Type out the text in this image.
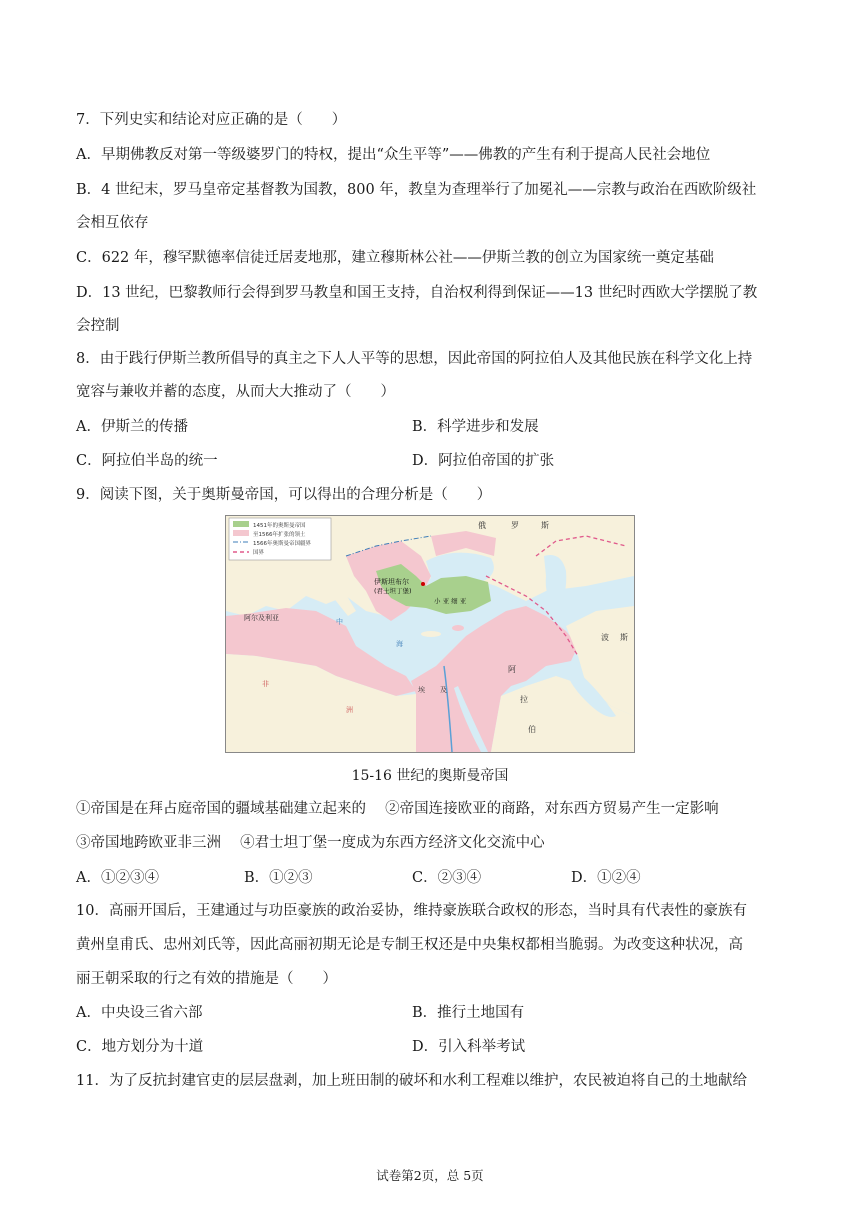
7．下列史实和结论对应正确的是（　　）
A．早期佛教反对第一等级婆罗门的特权，提出“众生平等”——佛教的产生有利于提高人民社会地位
B．4 世纪末，罗马皇帝定基督教为国教，800 年，教皇为查理举行了加冕礼——宗教与政治在西欧阶级社
会相互依存
C．622 年，穆罕默德率信徒迁居麦地那，建立穆斯林公社——伊斯兰教的创立为国家统一奠定基础
D．13 世纪，巴黎教师行会得到罗马教皇和国王支持，自治权利得到保证——13 世纪时西欧大学摆脱了教
会控制
8．由于践行伊斯兰教所倡导的真主之下人人平等的思想，因此帝国的阿拉伯人及其他民族在科学文化上持
宽容与兼收并蓄的态度，从而大大推动了（　　）
A．伊斯兰的传播	B．科学进步和发展
C．阿拉伯半岛的统一	D．阿拉伯帝国的扩张
9．阅读下图，关于奥斯曼帝国，可以得出的合理分析是（　　）
1451年的奥斯曼帝国
至1566年扩张的领土
1566年奥斯曼帝国疆界
国界
俄	罗	斯
伊斯坦布尔
(君士坦丁堡)
小 亚 细 亚
阿尔及利亚
波 斯
阿
拉
伯
埃 及
中
海
非
洲
15-16 世纪的奥斯曼帝国
①帝国是在拜占庭帝国的疆域基础建立起来的　 ②帝国连接欧亚的商路，对东西方贸易产生一定影响
③帝国地跨欧亚非三洲　 ④君士坦丁堡一度成为东西方经济文化交流中心
A．①②③④	B．①②③	C．②③④	D．①②④
10．高丽开国后，王建通过与功臣豪族的政治妥协，维持豪族联合政权的形态，当时具有代表性的豪族有
黄州皇甫氏、忠州刘氏等，因此高丽初期无论是专制王权还是中央集权都相当脆弱。为改变这种状况，高
丽王朝采取的行之有效的措施是（　　）
A．中央设三省六部	B．推行土地国有
C．地方划分为十道	D．引入科举考试
11．为了反抗封建官吏的层层盘剥，加上班田制的破坏和水利工程难以维护，农民被迫将自己的土地献给
试卷第2页，总 5页
